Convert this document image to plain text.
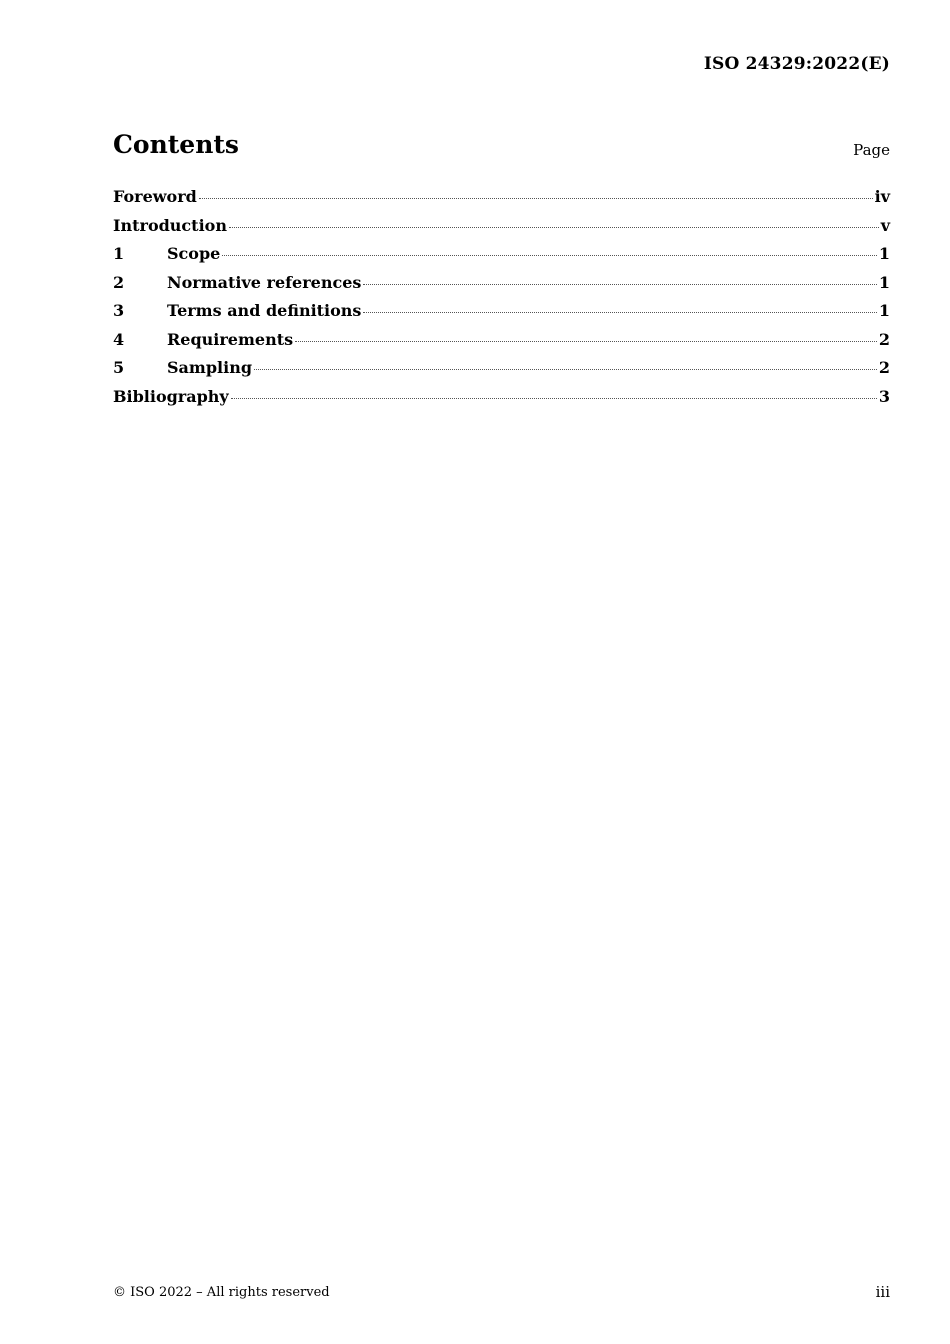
ISO 24329:2022(E)
Contents	Page
Foreword	iv
Introduction	v
1	Scope	1
2	Normative references	1
3	Terms and definitions	1
4	Requirements	2
5	Sampling	2
Bibliography	3
© ISO 2022 – All rights reserved	iii
